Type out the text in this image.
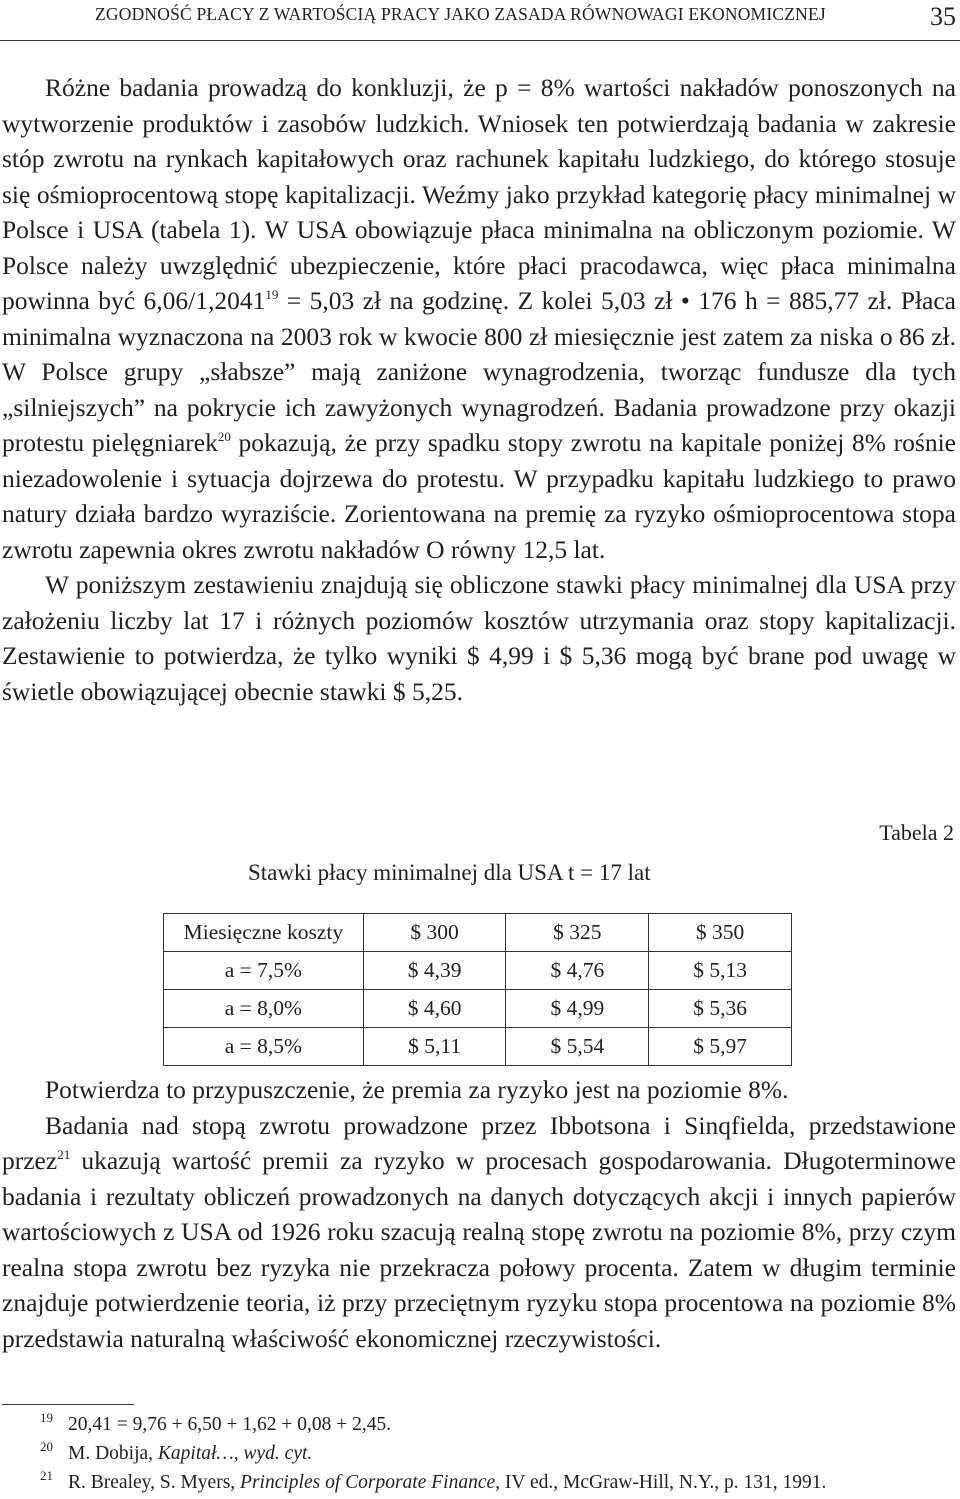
ZGODNOŚĆ PŁACY Z WARTOŚCIĄ PRACY JAKO ZASADA RÓWNOWAGI EKONOMICZNEJ	35

Różne badania prowadzą do konkluzji, że p = 8% wartości nakładów ponoszonych na wytworzenie produktów i zasobów ludzkich. Wniosek ten potwierdzają badania w zakresie stóp zwrotu na rynkach kapitałowych oraz rachunek kapitału ludzkiego, do którego stosuje się ośmioprocentową stopę kapitalizacji. Weźmy jako przykład kategorię płacy minimalnej w Polsce i USA (tabela 1). W USA obowiązuje płaca minimalna na obliczonym poziomie. W Polsce należy uwzględnić ubezpieczenie, które płaci pracodawca, więc płaca minimalna powinna być $6,06/1,2041^{19} = 5,03$ zł na godzinę. Z kolei 5,03 zł • 176 h = 885,77 zł. Płaca minimalna wyznaczona na 2003 rok w kwocie 800 zł miesięcznie jest zatem za niska o 86 zł. W Polsce grupy „słabsze” mają zaniżone wynagrodzenia, tworząc fundusze dla tych „silniejszych” na pokrycie ich zawyżonych wynagrodzeń. Badania prowadzone przy okazji protestu pielęgniarek$^{20}$ pokazują, że przy spadku stopy zwrotu na kapitale poniżej 8% rośnie niezadowolenie i sytuacja dojrzewa do protestu. W przypadku kapitału ludzkiego to prawo natury działa bardzo wyraziście. Zorientowana na premię za ryzyko ośmioprocentowa stopa zwrotu zapewnia okres zwrotu nakładów O równy 12,5 lat.

W poniższym zestawieniu znajdują się obliczone stawki płacy minimalnej dla USA przy założeniu liczby lat 17 i różnych poziomów kosztów utrzymania oraz stopy kapitalizacji. Zestawienie to potwierdza, że tylko wyniki $ 4,99 i $ 5,36 mogą być brane pod uwagę w świetle obowiązującej obecnie stawki $ 5,25.

Tabela 2
Stawki płacy minimalnej dla USA t = 17 lat
Miesięczne koszty	$ 300	$ 325	$ 350
a = 7,5%	$ 4,39	$ 4,76	$ 5,13
a = 8,0%	$ 4,60	$ 4,99	$ 5,36
a = 8,5%	$ 5,11	$ 5,54	$ 5,97

Potwierdza to przypuszczenie, że premia za ryzyko jest na poziomie 8%.

Badania nad stopą zwrotu prowadzone przez Ibbotsona i Sinqfielda, przedstawione przez$^{21}$ ukazują wartość premii za ryzyko w procesach gospodarowania. Długoterminowe badania i rezultaty obliczeń prowadzonych na danych dotyczących akcji i innych papierów wartościowych z USA od 1926 roku szacują realną stopę zwrotu na poziomie 8%, przy czym realna stopa zwrotu bez ryzyka nie przekracza połowy procenta. Zatem w długim terminie znajduje potwierdzenie teoria, iż przy przeciętnym ryzyku stopa procentowa na poziomie 8% przedstawia naturalną właściwość ekonomicznej rzeczywistości.

19 20,41 = 9,76 + 6,50 + 1,62 + 0,08 + 2,45.
20 M. Dobija, Kapitał…, wyd. cyt.
21 R. Brealey, S. Myers, Principles of Corporate Finance, IV ed., McGraw-Hill, N.Y., p. 131, 1991.
